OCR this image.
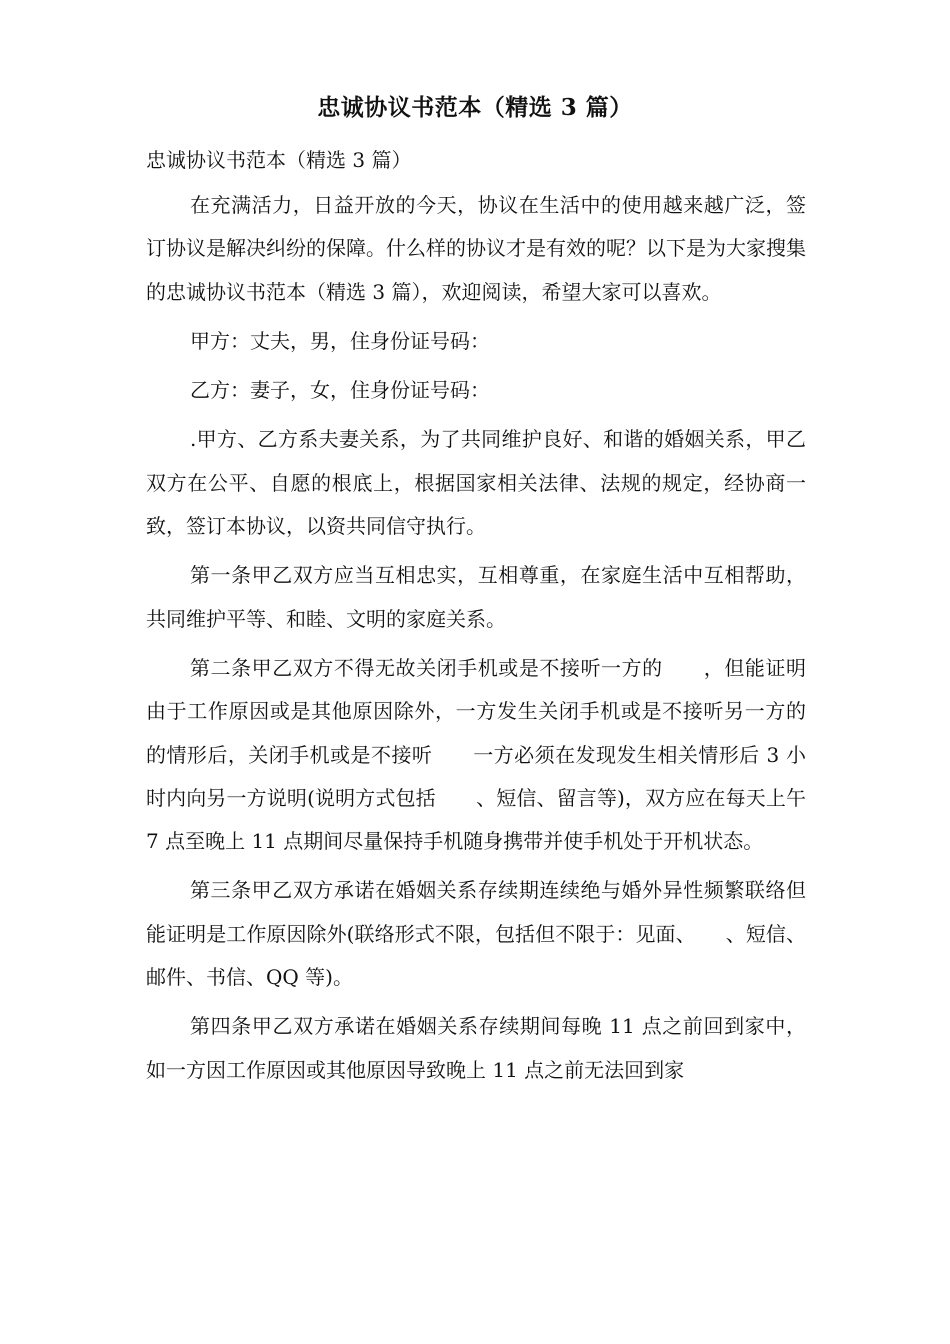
忠诚协议书范本（精选 3 篇）
忠诚协议书范本（精选 3 篇）

在充满活力，日益开放的今天，协议在生活中的使用越来越广泛，签订协议是解决纠纷的保障。什么样的协议才是有效的呢？以下是为大家搜集的忠诚协议书范本（精选 3 篇），欢迎阅读，希望大家可以喜欢。

甲方：丈夫，男，住身份证号码：

乙方：妻子，女，住身份证号码：

.甲方、乙方系夫妻关系，为了共同维护良好、和谐的婚姻关系，甲乙双方在公平、自愿的根底上，根据国家相关法律、法规的规定，经协商一致，签订本协议，以资共同信守执行。

第一条甲乙双方应当互相忠实，互相尊重，在家庭生活中互相帮助，共同维护平等、和睦、文明的家庭关系。

第二条甲乙双方不得无故关闭手机或是不接听一方的　　，但能证明由于工作原因或是其他原因除外，一方发生关闭手机或是不接听另一方的　　的情形后，关闭手机或是不接听　　一方必须在发现发生相关情形后 3 小时内向另一方说明(说明方式包括　　、短信、留言等)，双方应在每天上午 7 点至晚上 11 点期间尽量保持手机随身携带并使手机处于开机状态。

第三条甲乙双方承诺在婚姻关系存续期连续绝与婚外异性频繁联络但能证明是工作原因除外(联络形式不限，包括但不限于：见面、　　、短信、邮件、书信、QQ 等)。

第四条甲乙双方承诺在婚姻关系存续期间每晚 11 点之前回到家中，如一方因工作原因或其他原因导致晚上 11 点之前无法回到家
